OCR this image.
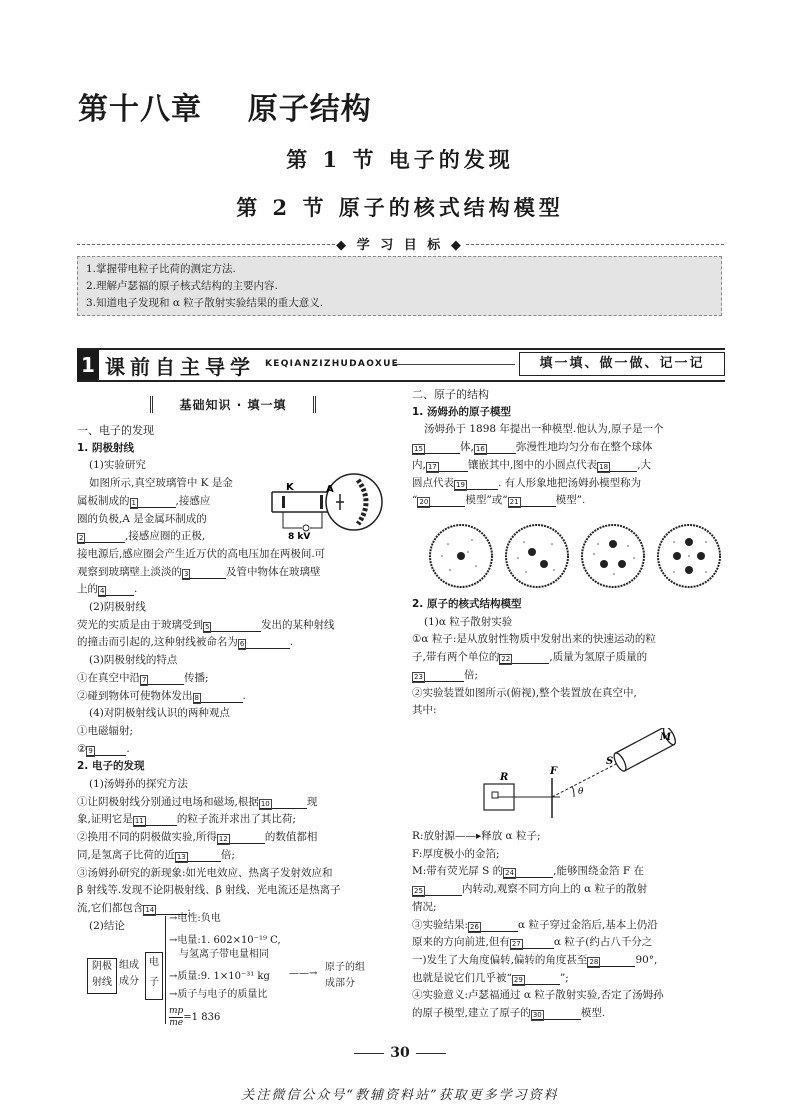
第十八章    原子结构
第 1 节 电子的发现
第 2 节 原子的核式结构模型
◆ 学 习 目 标 ◆
1.掌握带电粒子比荷的测定方法.
2.理解卢瑟福的原子核式结构的主要内容.
3.知道电子发现和 α 粒子散射实验结果的重大意义.
1 课前自主导学 KEQIANZIZHUDAOXUE	填一填、做一做、记一记
基础知识 · 填一填

一、电子的发现

1. 阴极射线

(1)实验研究

如图所示,真空玻璃管中 K 是金

属板制成的 1	,接感应

圈的负极,A 是金属环制成的

2	,接感应圈的正极,

接电源后,感应圈会产生近万伏的高电压加在两极间.可

观察到玻璃壁上淡淡的 3	及管中物体在玻璃壁

上的 4	.

(2)阴极射线

荧光的实质是由于玻璃受到 5	发出的某种射线

的撞击而引起的,这种射线被命名为 6	.

(3)阴极射线的特点

①在真空中沿 7	传播;

②碰到物体可使物体发出 8	.

(4)对阴极射线认识的两种观点

①电磁辐射;

② 9	.

2. 电子的发现

(1)汤姆孙的探究方法

①让阴极射线分别通过电场和磁场,根据 10	现

象,证明它是 11	的粒子流并求出了其比荷;

②换用不同的阴极做实验,所得 12	的数值都相

同,是氢离子比荷的近 13	倍;

③汤姆孙研究的新现象:如光电效应、热离子发射效应和

β 射线等.发现不论阴极射线、β 射线、光电流还是热离子

流,它们都包含 14	.

(2)结论

K	A
8 kV
阴极
射线
组成
成分
电
子
→电性:负电
→电量:1. 602×10⁻¹⁹ C,
与氢离子带电量相同
→质量:9. 1×10⁻³¹ kg
→质子与电子的质量比
$\frac{mp}{me} =1$ 836
——→
原子的组
成部分

二、原子的结构

1. 汤姆孙的原子模型

汤姆孙于 1898 年提出一种模型.他认为,原子是一个

15	体, 16	弥漫性地均匀分布在整个球体

内, 17	镶嵌其中,图中的小圆点代表 18	,大

圆点代表 19	. 有人形象地把汤姆孙模型称为

“ 20	模型”或“ 21	模型”.

2. 原子的核式结构模型

(1)α 粒子散射实验

①α 粒子:是从放射性物质中发射出来的快速运动的粒

子,带有两个单位的 22	,质量为氢原子质量的

23	倍;

②实验装置如图所示(俯视),整个装置放在真空中,

其中:

M
S
R
F
θ

R:放射源——▸释放 α 粒子;

F:厚度极小的金箔;

M:带有荧光屏 S 的 24	,能够围绕金箔 F 在

25	内转动,观察不同方向上的 α 粒子的散射

情况;

③实验结果: 26	α 粒子穿过金箔后,基本上仍沿

原来的方向前进,但有 27	α 粒子(约占八千分之

一)发生了大角度偏转,偏转的角度甚至 28	90°,

也就是说它们几乎被“ 29	”;

④实验意义:卢瑟福通过 α 粒子散射实验,否定了汤姆孙

的原子模型,建立了原子的 30	模型.

30
关注微信公众号“教辅资料站”获取更多学习资料
